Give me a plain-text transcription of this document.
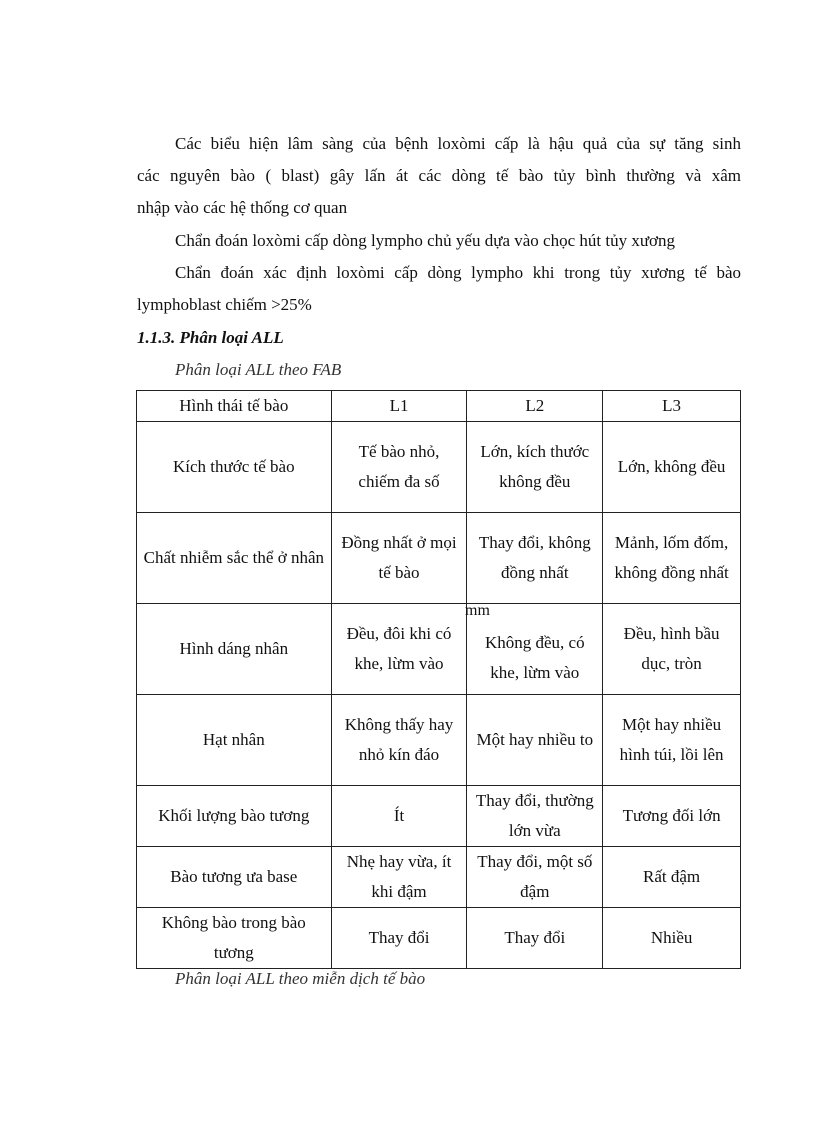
Các biểu hiện lâm sàng của bệnh loxòmi cấp là hậu quả của sự tăng sinh
các nguyên bào ( blast) gây lấn át các dòng tế bào tủy bình thường và xâm
nhập vào các hệ thống cơ quan
Chẩn đoán loxòmi cấp dòng lympho chủ yếu dựa vào chọc hút tủy xương
Chẩn đoán xác định loxòmi cấp dòng lympho khi trong tủy xương tế bào
lymphoblast chiếm >25%
1.1.3. Phân loại ALL
Phân loại ALL theo FAB
Hình thái tế bào	L1	L2	L3
Kích thước tế bào	Tế bào nhỏ, chiếm đa số	Lớn, kích thước không đều	Lớn, không đều
Chất nhiễm sắc thể ở nhân	Đồng nhất ở mọi tế bào	Thay đổi, không đồng nhất	Mảnh, lốm đốm, không đồng nhất
Hình dáng nhân	Đều, đôi khi có khe, lừm vào	Không đều, có khe, lừm vào	Đều, hình bầu dục, tròn
Hạt nhân	Không thấy hay nhỏ kín đáo	Một hay nhiều to	Một hay nhiều hình túi, lồi lên
Khối lượng bào tương	Ít	Thay đổi, thường lớn vừa	Tương đối lớn
Bào tương ưa base	Nhẹ hay vừa, ít khi đậm	Thay đổi, một số đậm	Rất đậm
Không bào trong bào tương	Thay đổi	Thay đổi	Nhiều
mm
Phân loại ALL theo miễn dịch tế bào
